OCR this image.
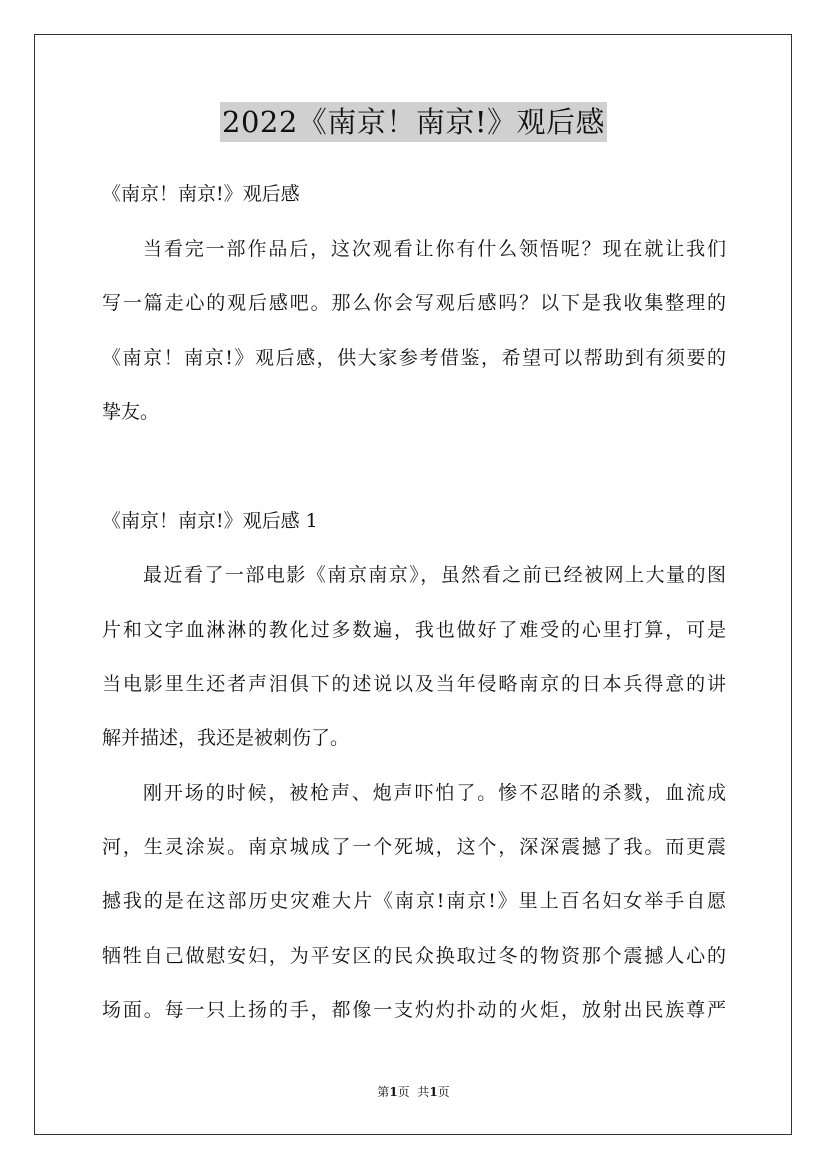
2022《南京！南京!》观后感
《南京！南京!》观后感
当看完一部作品后，这次观看让你有什么领悟呢？现在就让我们
写一篇走心的观后感吧。那么你会写观后感吗？以下是我收集整理的
《南京！南京!》观后感，供大家参考借鉴，希望可以帮助到有须要的
挚友。
《南京！南京!》观后感 1
最近看了一部电影《南京南京》，虽然看之前已经被网上大量的图
片和文字血淋淋的教化过多数遍，我也做好了难受的心里打算，可是
当电影里生还者声泪俱下的述说以及当年侵略南京的日本兵得意的讲
解并描述，我还是被刺伤了。
刚开场的时候，被枪声、炮声吓怕了。惨不忍睹的杀戮，血流成
河，生灵涂炭。南京城成了一个死城，这个，深深震撼了我。而更震
撼我的是在这部历史灾难大片《南京!南京!》里上百名妇女举手自愿
牺牲自己做慰安妇，为平安区的民众换取过冬的物资那个震撼人心的
场面。每一只上扬的手，都像一支灼灼扑动的火炬，放射出民族尊严
第1页  共1页
